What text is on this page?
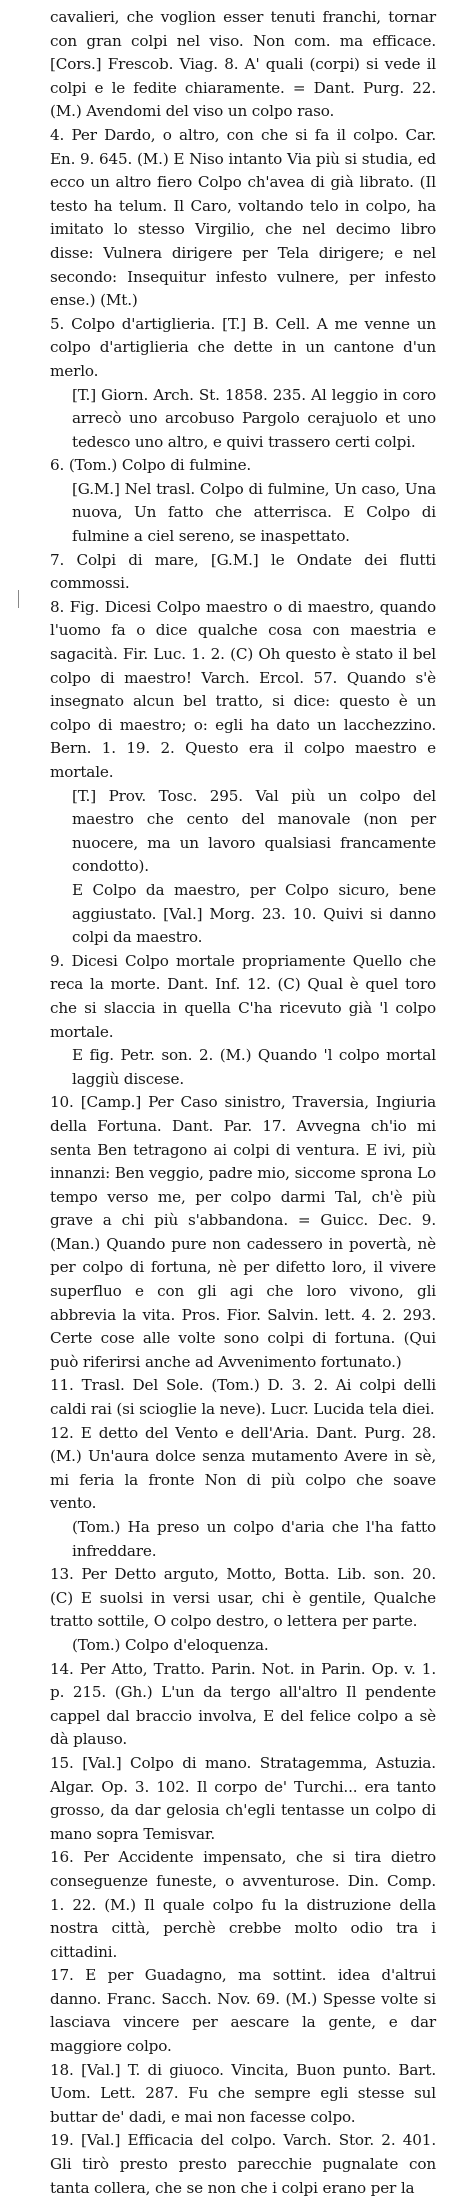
cavalieri, che voglion esser tenuti franchi, tornar con gran colpi nel viso. Non com. ma efficace. [Cors.] Frescob. Viag. 8. A' quali (corpi) si vede il colpi e le fedite chiaramente. = Dant. Purg. 22. (M.) Avendomi del viso un colpo raso.

4. Per Dardo, o altro, con che si fa il colpo. Car. En. 9. 645. (M.) E Niso intanto Via più si studia, ed ecco un altro fiero Colpo ch'avea di già librato. (Il testo ha telum. Il Caro, voltando telo in colpo, ha imitato lo stesso Virgilio, che nel decimo libro disse: Vulnera dirigere per Tela dirigere; e nel secondo: Insequitur infesto vulnere, per infesto ense.) (Mt.)

5. Colpo d'artiglieria. [T.] B. Cell. A me venne un colpo d'artiglieria che dette in un cantone d'un merlo.

[T.] Giorn. Arch. St. 1858. 235. Al leggio in coro arrecò uno arcobuso Pargolo cerajuolo et uno tedesco uno altro, e quivi trassero certi colpi.

6. (Tom.) Colpo di fulmine.

[G.M.] Nel trasl. Colpo di fulmine, Un caso, Una nuova, Un fatto che atterrisca. E Colpo di fulmine a ciel sereno, se inaspettato.

7. Colpi di mare, [G.M.] le Ondate dei flutti commossi.

8. Fig. Dicesi Colpo maestro o di maestro, quando l'uomo fa o dice qualche cosa con maestria e sagacità. Fir. Luc. 1. 2. (C) Oh questo è stato il bel colpo di maestro! Varch. Ercol. 57. Quando s'è insegnato alcun bel tratto, si dice: questo è un colpo di maestro; o: egli ha dato un lacchezzino. Bern. 1. 19. 2. Questo era il colpo maestro e mortale.

[T.] Prov. Tosc. 295. Val più un colpo del maestro che cento del manovale (non per nuocere, ma un lavoro qualsiasi francamente condotto).

E Colpo da maestro, per Colpo sicuro, bene aggiustato. [Val.] Morg. 23. 10. Quivi si danno colpi da maestro.

9. Dicesi Colpo mortale propriamente Quello che reca la morte. Dant. Inf. 12. (C) Qual è quel toro che si slaccia in quella C'ha ricevuto già 'l colpo mortale.

E fig. Petr. son. 2. (M.) Quando 'l colpo mortal laggiù discese.

10. [Camp.] Per Caso sinistro, Traversia, Ingiuria della Fortuna. Dant. Par. 17. Avvegna ch'io mi senta Ben tetragono ai colpi di ventura. E ivi, più innanzi: Ben veggio, padre mio, siccome sprona Lo tempo verso me, per colpo darmi Tal, ch'è più grave a chi più s'abbandona. = Guicc. Dec. 9. (Man.) Quando pure non cadessero in povertà, nè per colpo di fortuna, nè per difetto loro, il vivere superfluo e con gli agi che loro vivono, gli abbrevia la vita. Pros. Fior. Salvin. lett. 4. 2. 293. Certe cose alle volte sono colpi di fortuna. (Qui può riferirsi anche ad Avvenimento fortunato.)

11. Trasl. Del Sole. (Tom.) D. 3. 2. Ai colpi delli caldi rai (si scioglie la neve). Lucr. Lucida tela diei.

12. E detto del Vento e dell'Aria. Dant. Purg. 28. (M.) Un'aura dolce senza mutamento Avere in sè, mi feria la fronte Non di più colpo che soave vento.

(Tom.) Ha preso un colpo d'aria che l'ha fatto infreddare.

13. Per Detto arguto, Motto, Botta. Lib. son. 20. (C) E suolsi in versi usar, chi è gentile, Qualche tratto sottile, O colpo destro, o lettera per parte.

(Tom.) Colpo d'eloquenza.

14. Per Atto, Tratto. Parin. Not. in Parin. Op. v. 1. p. 215. (Gh.) L'un da tergo all'altro Il pendente cappel dal braccio involva, E del felice colpo a sè dà plauso.

15. [Val.] Colpo di mano. Stratagemma, Astuzia. Algar. Op. 3. 102. Il corpo de' Turchi... era tanto grosso, da dar gelosia ch'egli tentasse un colpo di mano sopra Temisvar.

16. Per Accidente impensato, che si tira dietro conseguenze funeste, o avventurose. Din. Comp. 1. 22. (M.) Il quale colpo fu la distruzione della nostra città, perchè crebbe molto odio tra i cittadini.

17. E per Guadagno, ma sottint. idea d'altrui danno. Franc. Sacch. Nov. 69. (M.) Spesse volte si lasciava vincere per aescare la gente, e dar maggiore colpo.

18. [Val.] T. di giuoco. Vincita, Buon punto. Bart. Uom. Lett. 287. Fu che sempre egli stesse sul buttar de' dadi, e mai non facesse colpo.

19. [Val.] Efficacia del colpo. Varch. Stor. 2. 401. Gli tirò presto presto parecchie pugnalate con tanta collera, che se non che i colpi erano per la
